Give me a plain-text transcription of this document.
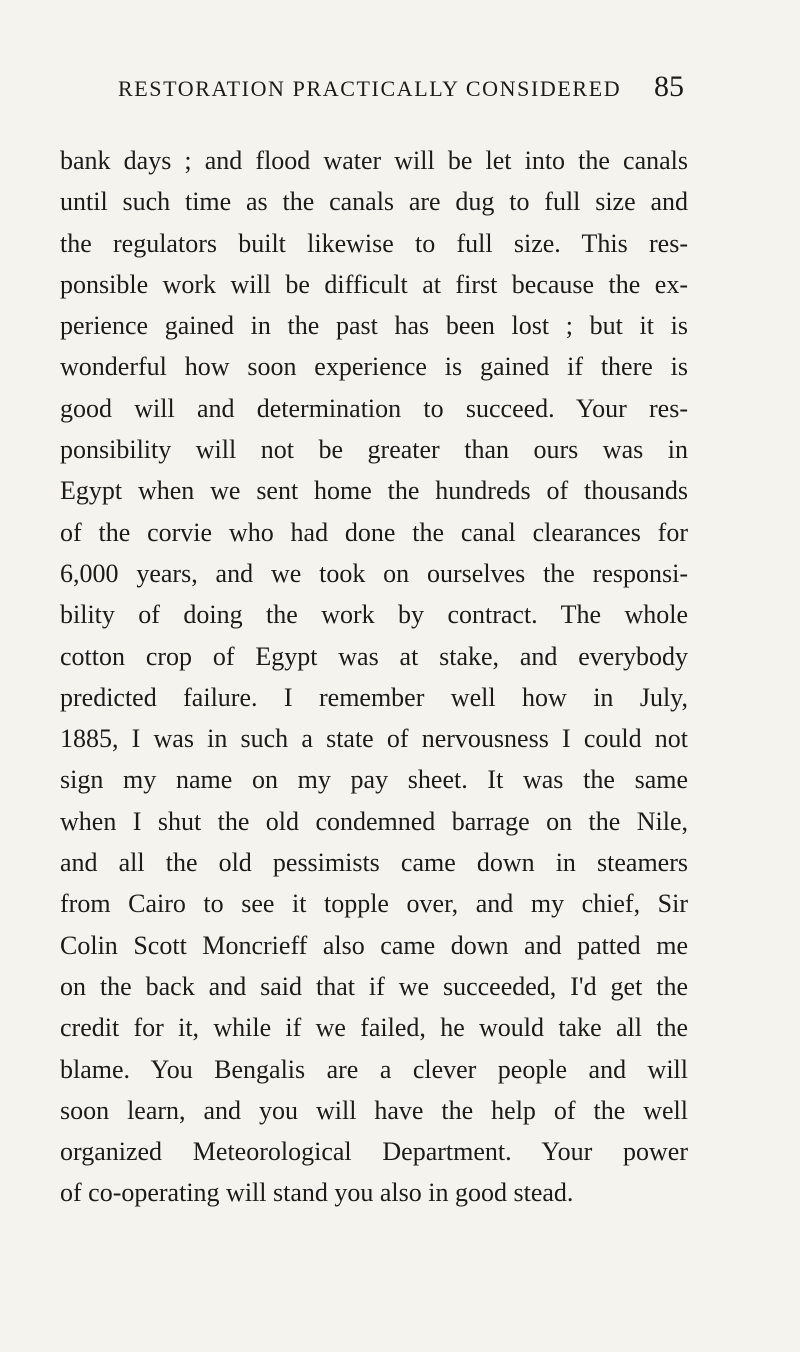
RESTORATION PRACTICALLY CONSIDERED 85
bank days ; and flood water will be let into the canals
until such time as the canals are dug to full size and
the regulators built likewise to full size. This res-
ponsible work will be difficult at first because the ex-
perience gained in the past has been lost ; but it is
wonderful how soon experience is gained if there is
good will and determination to succeed. Your res-
ponsibility will not be greater than ours was in
Egypt when we sent home the hundreds of thousands
of the corvie who had done the canal clearances for
6,000 years, and we took on ourselves the responsi-
bility of doing the work by contract. The whole
cotton crop of Egypt was at stake, and everybody
predicted failure. I remember well how in July,
1885, I was in such a state of nervousness I could not
sign my name on my pay sheet. It was the same
when I shut the old condemned barrage on the Nile,
and all the old pessimists came down in steamers
from Cairo to see it topple over, and my chief, Sir
Colin Scott Moncrieff also came down and patted me
on the back and said that if we succeeded, I'd get the
credit for it, while if we failed, he would take all the
blame. You Bengalis are a clever people and will
soon learn, and you will have the help of the well
organized Meteorological Department. Your power
of co-operating will stand you also in good stead.
